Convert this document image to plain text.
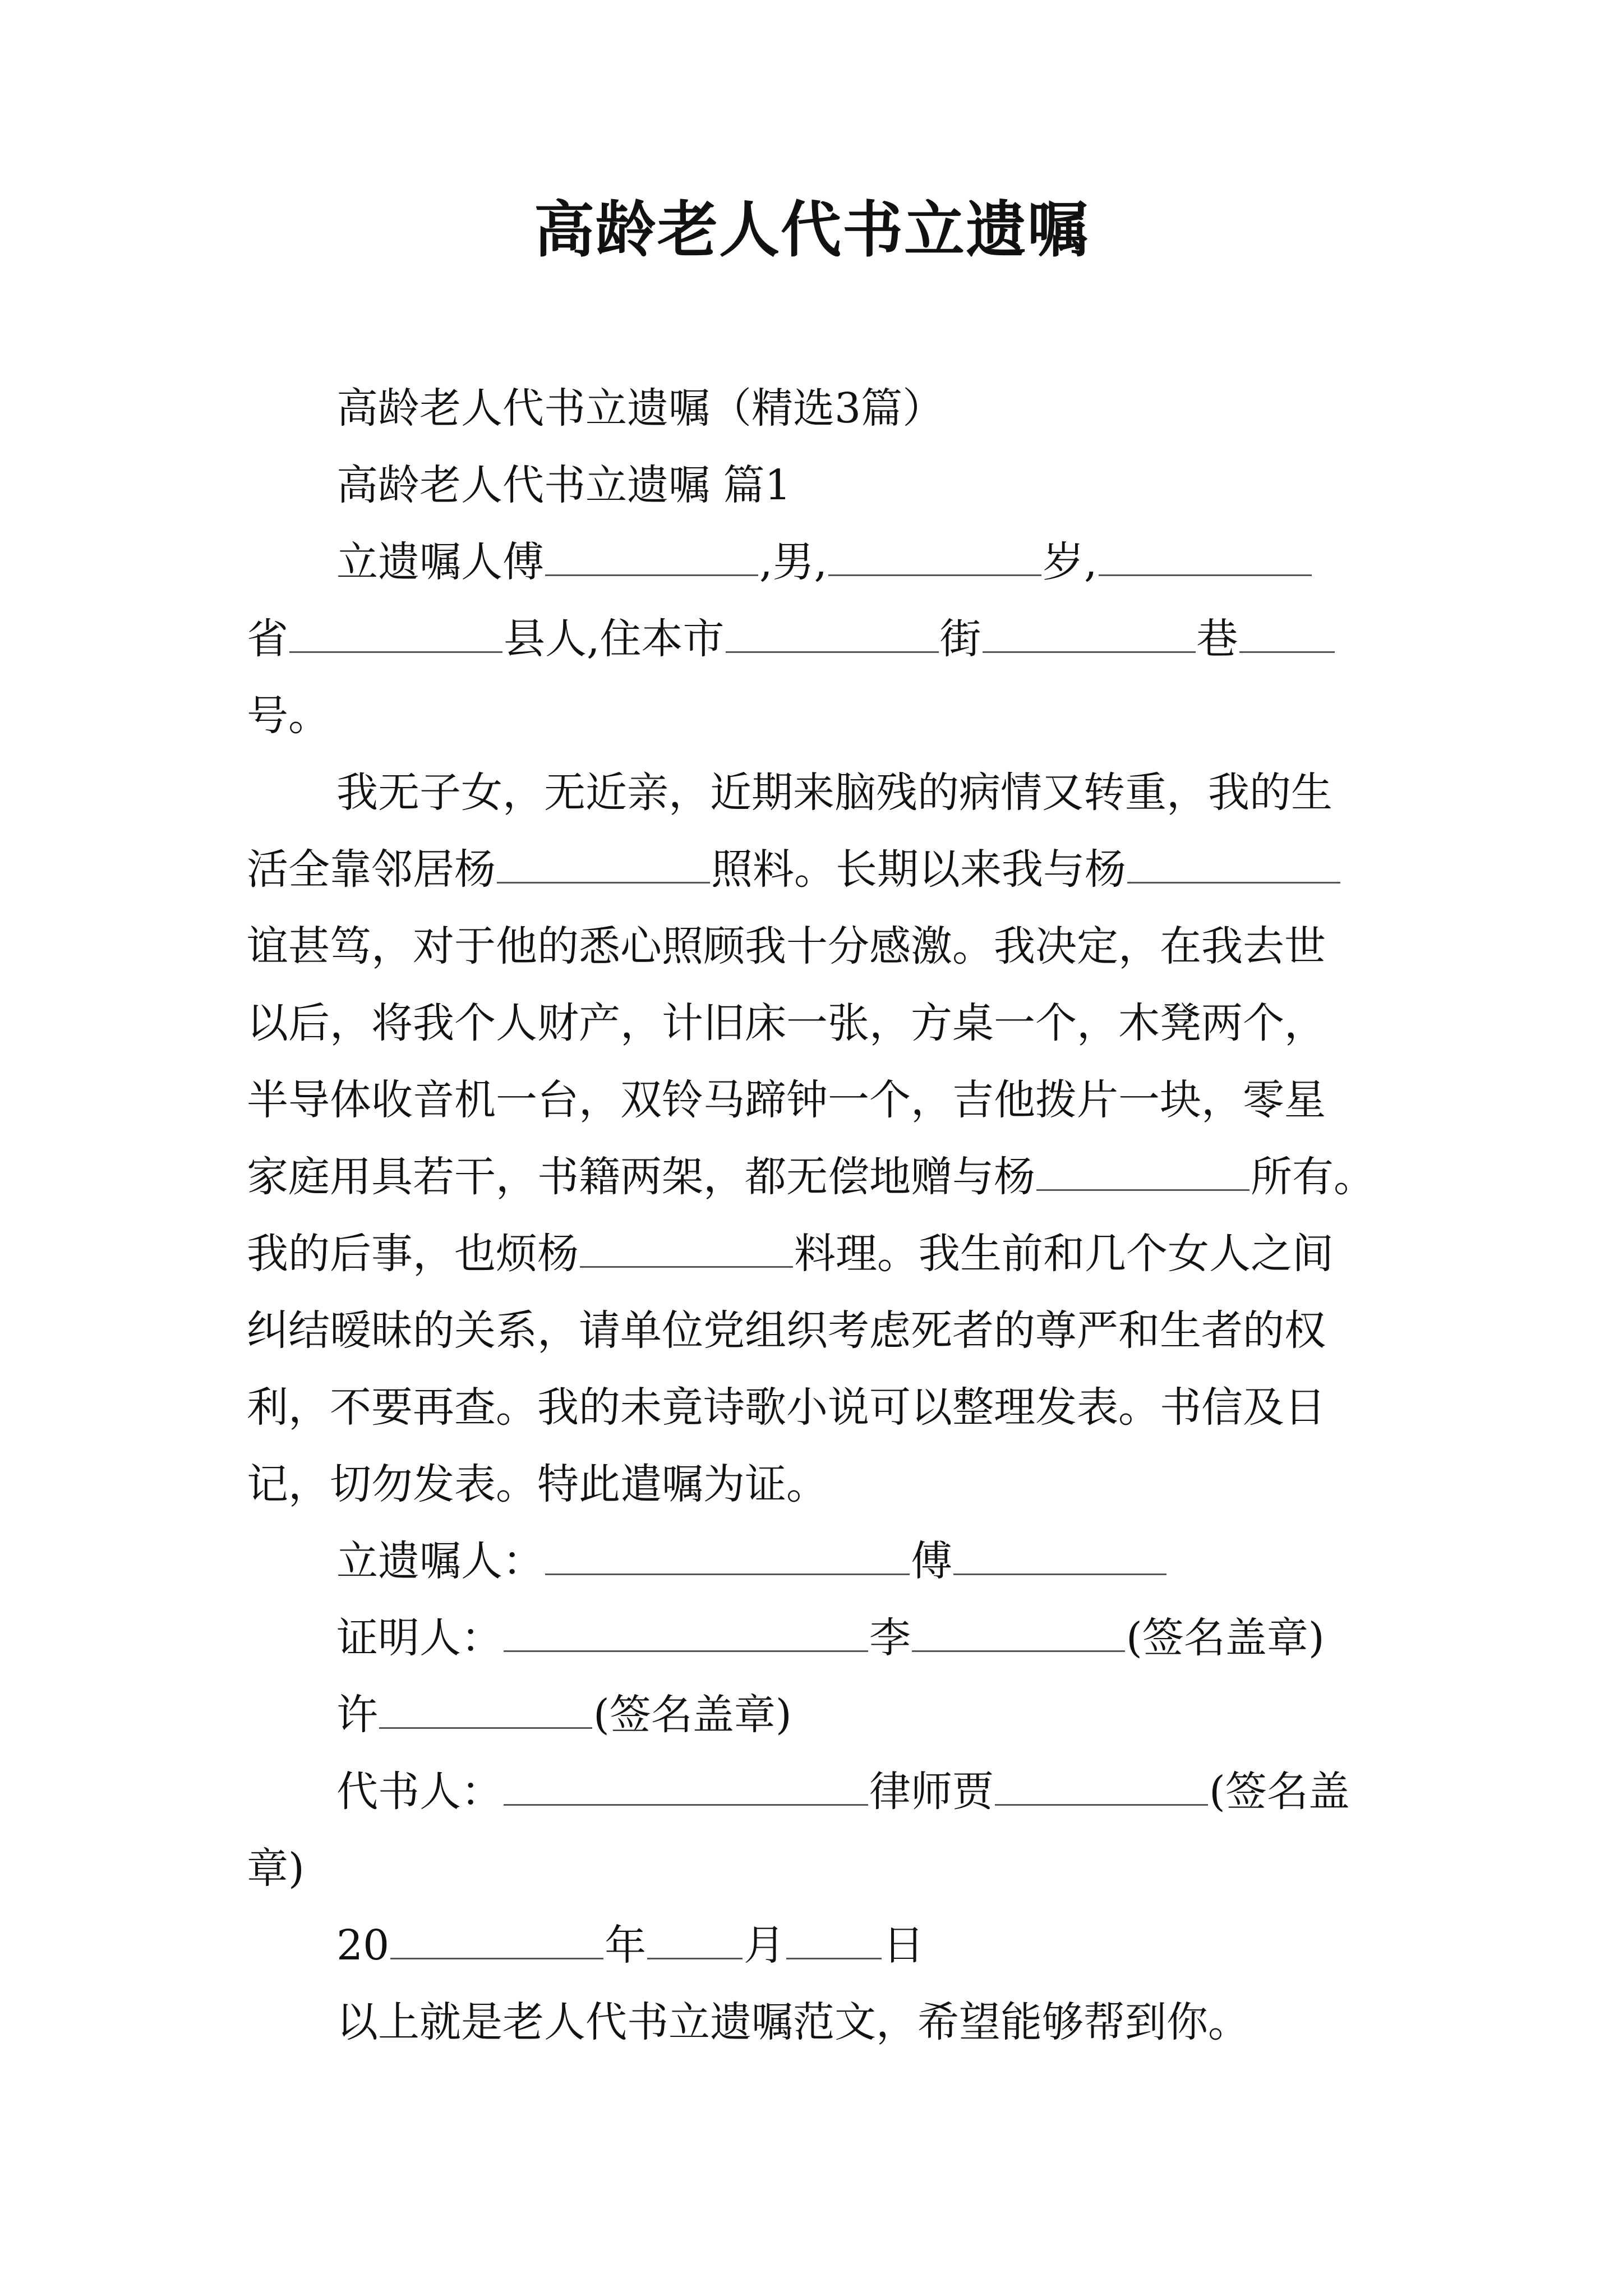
高龄老人代书立遗嘱
高龄老人代书立遗嘱（精选3篇）
高龄老人代书立遗嘱 篇1
立遗嘱人傅	,男,	岁,
省	县人,住本市	街	巷
号。
我无子女，无近亲，近期来脑残的病情又转重，我的生
活全靠邻居杨	照料。长期以来我与杨
谊甚笃，对于他的悉心照顾我十分感激。我决定，在我去世
以后，将我个人财产，计旧床一张，方桌一个，木凳两个，
半导体收音机一台，双铃马蹄钟一个，吉他拨片一块，零星
家庭用具若干，书籍两架，都无偿地赠与杨	所有。
我的后事，也烦杨	料理。我生前和几个女人之间
纠结暧昧的关系，请单位党组织考虑死者的尊严和生者的权
利，不要再查。我的未竟诗歌小说可以整理发表。书信及日
记，切勿发表。特此遣嘱为证。
立遗嘱人：	傅
证明人：	李	(签名盖章)
许	(签名盖章)
代书人：	律师贾	(签名盖
章)
20	年 月 日
以上就是老人代书立遗嘱范文，希望能够帮到你。
